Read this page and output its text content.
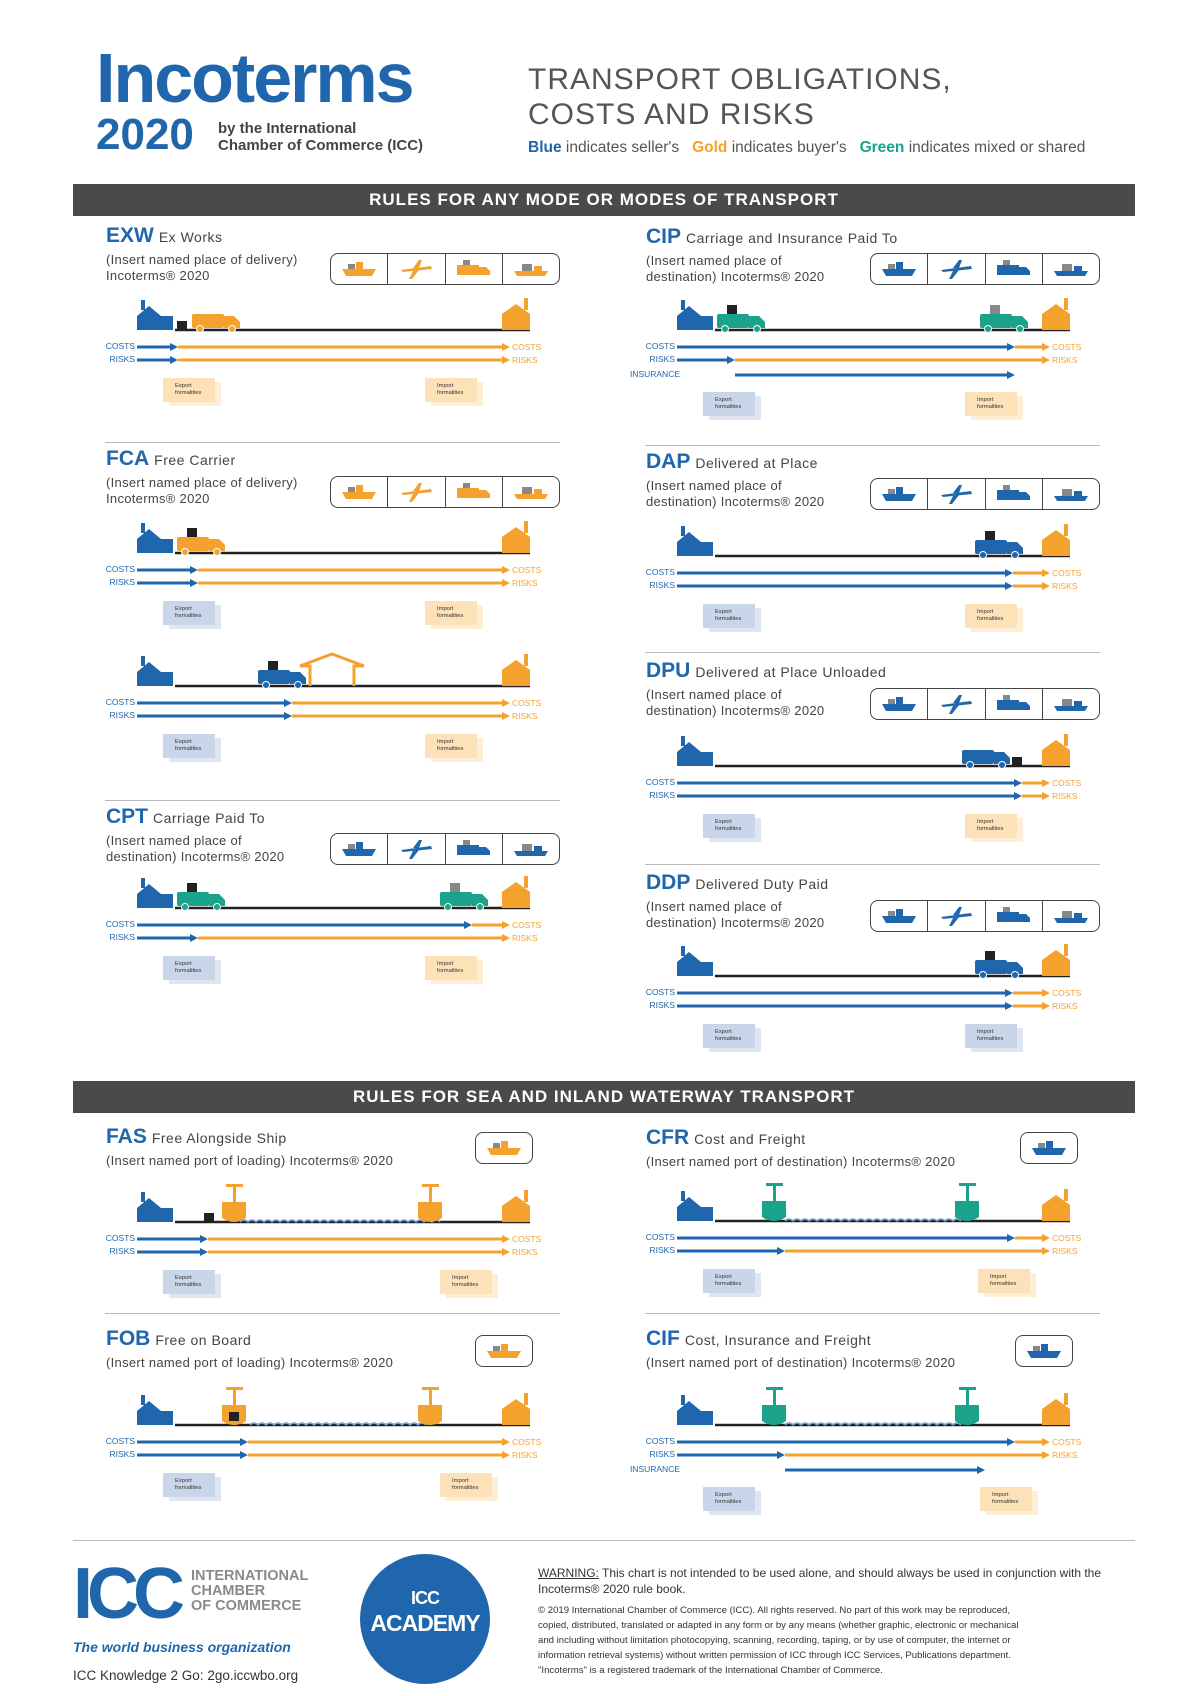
Incoterms
2020 by the International
Chamber of Commerce (ICC)
TRANSPORT OBLIGATIONS,
COSTS AND RISKS
Blue indicates seller's Gold indicates buyer's Green indicates mixed or shared
RULES FOR ANY MODE OR MODES OF TRANSPORT
RULES FOR SEA AND INLAND WATERWAY TRANSPORT
EXW Ex Works
(Insert named place of delivery) Incoterms® 2020
FCA Free Carrier
(Insert named place of delivery) Incoterms® 2020
CPT Carriage Paid To
(Insert named place of destination) Incoterms® 2020
CIP Carriage and Insurance Paid To
(Insert named place of destination) Incoterms® 2020
DAP Delivered at Place
(Insert named place of destination) Incoterms® 2020
DPU Delivered at Place Unloaded
(Insert named place of destination) Incoterms® 2020
DDP Delivered Duty Paid
(Insert named place of destination) Incoterms® 2020
FAS Free Alongside Ship
(Insert named port of loading) Incoterms® 2020
FOB Free on Board
(Insert named port of loading) Incoterms® 2020
CFR Cost and Freight
(Insert named port of destination) Incoterms® 2020
CIF Cost, Insurance and Freight
(Insert named port of destination) Incoterms® 2020
COSTS
RISKS
COSTS
RISKS
Export
formalities
Import
formalities
COSTS
RISKS
COSTS
RISKS
Export
formalities
Import
formalities
COSTS
RISKS
COSTS
RISKS
Export
formalities
Import
formalities
COSTS
RISKS
COSTS
RISKS
Export
formalities
Import
formalities
COSTS
RISKS
COSTS
RISKS
INSURANCE
Export
formalities
Import
formalities
COSTS
RISKS
COSTS
RISKS
Export
formalities
Import
formalities
COSTS
RISKS
COSTS
RISKS
Export
formalities
Import
formalities
COSTS
RISKS
COSTS
RISKS
Export
formalities
Import
formalities
COSTS
RISKS
COSTS
RISKS
Export
formalities
Import
formalities
COSTS
RISKS
COSTS
RISKS
Export
formalities
Import
formalities
COSTS
RISKS
COSTS
RISKS
Export
formalities
Import
formalities
COSTS
RISKS
COSTS
RISKS
INSURANCE
Export
formalities
Import
formalities
ICC INTERNATIONAL
CHAMBER
OF COMMERCE
The world business organization
ICC Knowledge 2 Go: 2go.iccwbo.org
ICC
ACADEMY
WARNING: This chart is not intended to be used alone, and should always be used in conjunction with the Incoterms® 2020 rule book.
© 2019 International Chamber of Commerce (ICC). All rights reserved. No part of this work may be reproduced,
copied, distributed, translated or adapted in any form or by any means (whether graphic, electronic or mechanical
and including without limitation photocopying, scanning, recording, taping, or by use of computer, the internet or
information retrieval systems) without written permission of ICC through ICC Services, Publications department.
"Incoterms" is a registered trademark of the International Chamber of Commerce.
